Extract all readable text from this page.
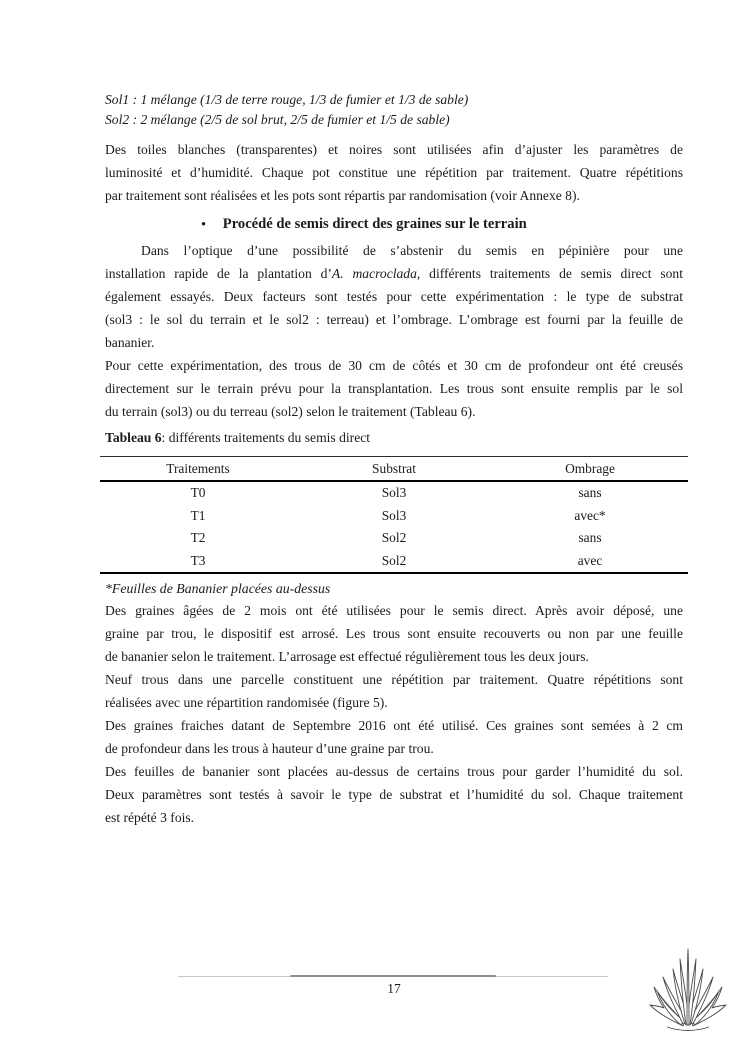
Sol1 : 1 mélange (1/3 de terre rouge, 1/3 de fumier et 1/3 de sable)
Sol2 : 2 mélange (2/5 de sol brut, 2/5 de fumier et 1/5 de sable)
Des toiles blanches (transparentes) et noires sont utilisées afin d’ajuster les paramètres de
luminosité et d’humidité. Chaque pot constitue une répétition par traitement. Quatre répétitions
par traitement sont réalisées et les pots sont répartis par randomisation (voir Annexe 8).
• Procédé de semis direct des graines sur le terrain
Dans l’optique d’une possibilité de s’abstenir du semis en pépinière pour une
installation rapide de la plantation d’A. macroclada, différents traitements de semis direct sont
également essayés. Deux facteurs sont testés pour cette expérimentation : le type de substrat
(sol3 : le sol du terrain et le sol2 : terreau) et l’ombrage. L’ombrage est fourni par la feuille de
bananier.
Pour cette expérimentation, des trous de 30 cm de côtés et 30 cm de profondeur ont été creusés
directement sur le terrain prévu pour la transplantation. Les trous sont ensuite remplis par le sol
du terrain (sol3) ou du terreau (sol2) selon le traitement (Tableau 6).
Tableau 6: différents traitements du semis direct
Traitements	Substrat	Ombrage
T0	Sol3	sans
T1	Sol3	avec*
T2	Sol2	sans
T3	Sol2	avec
*Feuilles de Bananier placées au-dessus
Des graines âgées de 2 mois ont été utilisées pour le semis direct. Après avoir déposé, une
graine par trou, le dispositif est arrosé. Les trous sont ensuite recouverts ou non par une feuille
de bananier selon le traitement. L’arrosage est effectué régulièrement tous les deux jours.
Neuf trous dans une parcelle constituent une répétition par traitement. Quatre répétitions sont
réalisées avec une répartition randomisée (figure 5).
Des graines fraiches datant de Septembre 2016 ont été utilisé. Ces graines sont semées à 2 cm
de profondeur dans les trous à hauteur d’une graine par trou.
Des feuilles de bananier sont placées au-dessus de certains trous pour garder l’humidité du sol.
Deux paramètres sont testés à savoir le type de substrat et l’humidité du sol. Chaque traitement
est répété 3 fois.
17
